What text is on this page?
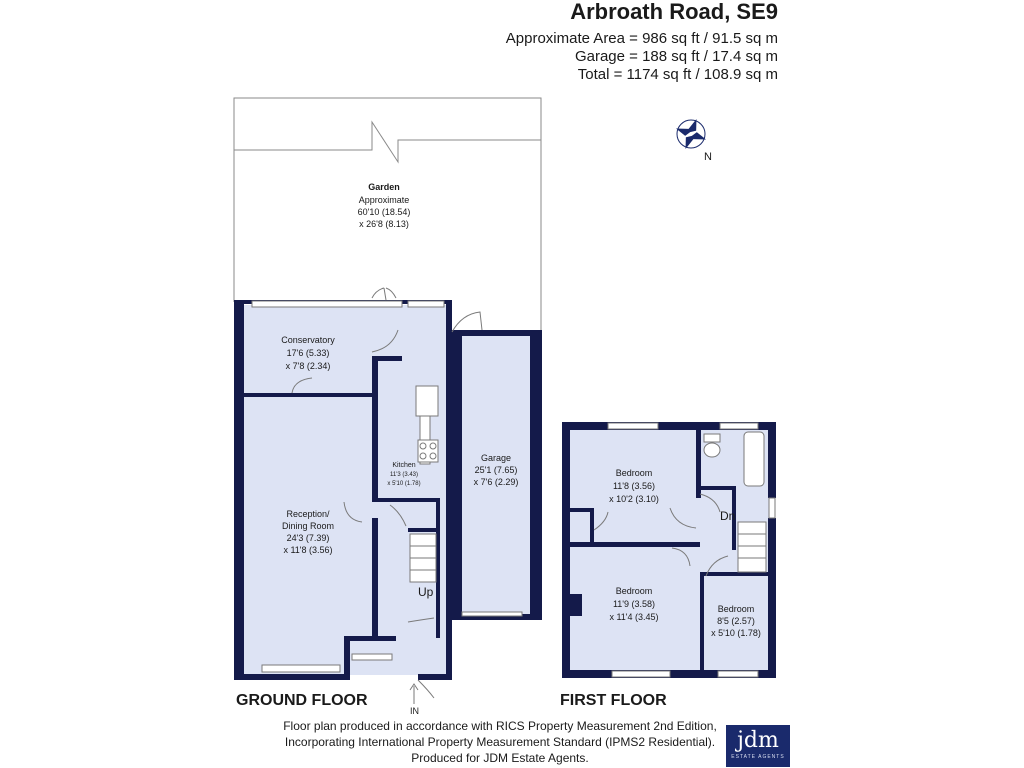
Arbroath Road, SE9
Approximate Area = 986 sq ft / 91.5 sq m
Garage = 188 sq ft / 17.4 sq m
Total = 1174 sq ft / 108.9 sq m
Garden
Approximate
60'10 (18.54)
x 26'8 (8.13)
N
Up
IN
Conservatory
17'6 (5.33)
x 7'8 (2.34)
Reception/
Dining Room
24'3 (7.39)
x 11'8 (3.56)
Kitchen
11'3 (3.43)
x 5'10 (1.78)
Garage
25'1 (7.65)
x 7'6 (2.29)
Dn
Bedroom
11'8 (3.56)
x 10'2 (3.10)
Bedroom
11'9 (3.58)
x 11'4 (3.45)
Bedroom
8'5 (2.57)
x 5'10 (1.78)
GROUND FLOOR	FIRST FLOOR
Floor plan produced in accordance with RICS Property Measurement 2nd Edition,
Incorporating International Property Measurement Standard (IPMS2 Residential).
Produced for JDM Estate Agents.
jdm
ESTATE AGENTS
